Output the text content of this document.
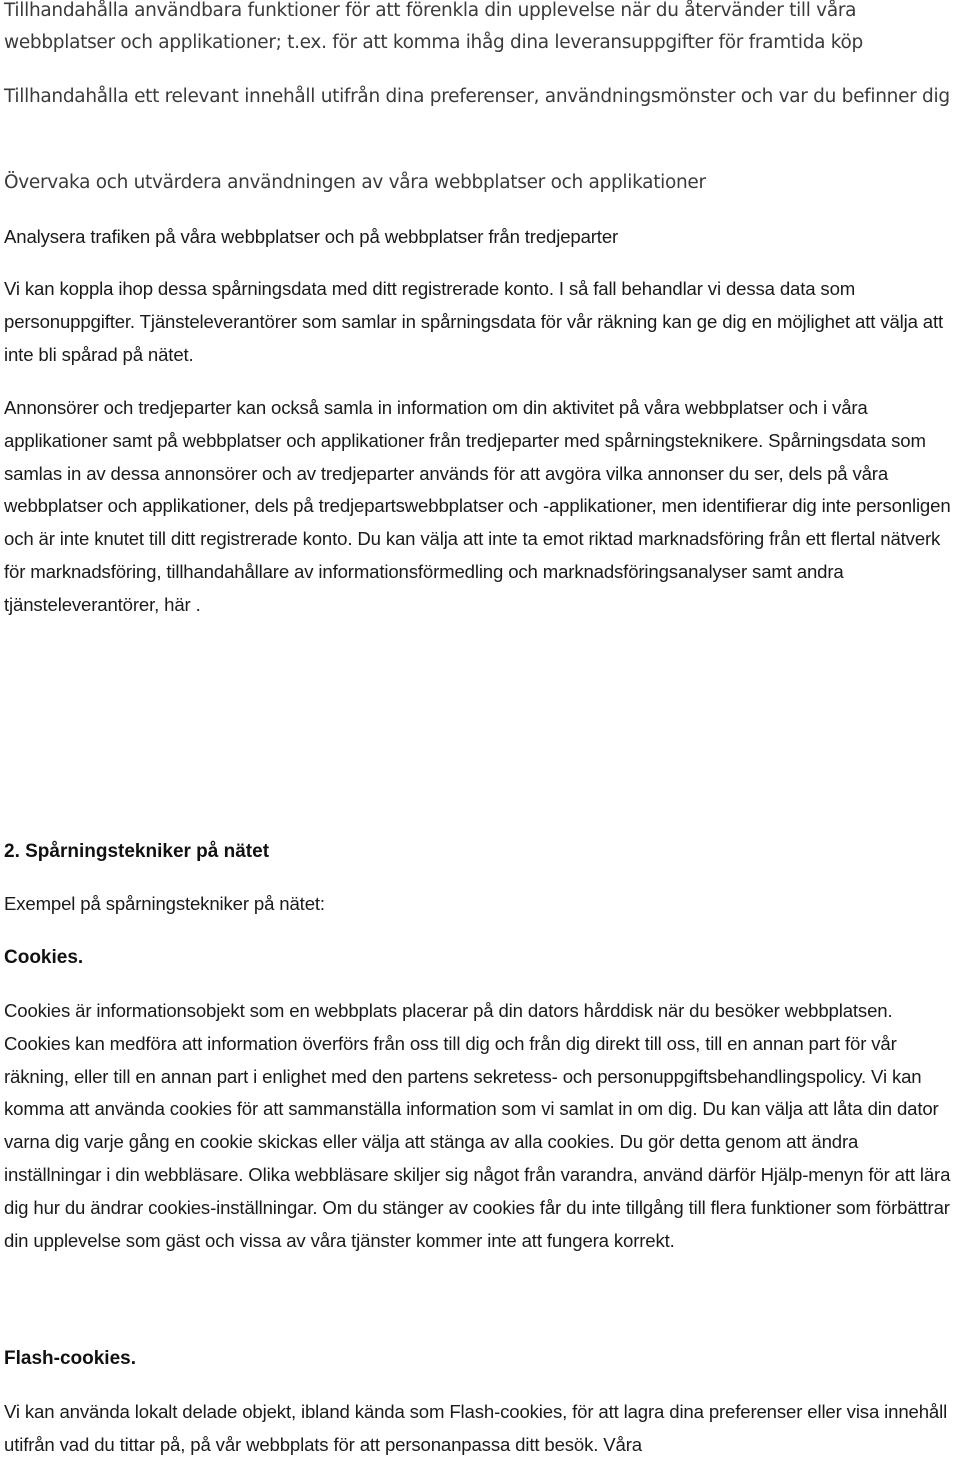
Tillhandahålla användbara funktioner för att förenkla din upplevelse när du återvänder till våra webbplatser och applikationer; t.ex. för att komma ihåg dina leveransuppgifter för framtida köp
Tillhandahålla ett relevant innehåll utifrån dina preferenser, användningsmönster och var du befinner dig
Övervaka och utvärdera användningen av våra webbplatser och applikationer
Analysera trafiken på våra webbplatser och på webbplatser från tredjeparter
Vi kan koppla ihop dessa spårningsdata med ditt registrerade konto. I så fall behandlar vi dessa data som personuppgifter. Tjänsteleverantörer som samlar in spårningsdata för vår räkning kan ge dig en möjlighet att välja att inte bli spårad på nätet.
Annonsörer och tredjeparter kan också samla in information om din aktivitet på våra webbplatser och i våra applikationer samt på webbplatser och applikationer från tredjeparter med spårningsteknikere. Spårningsdata som samlas in av dessa annonsörer och av tredjeparter används för att avgöra vilka annonser du ser, dels på våra webbplatser och applikationer, dels på tredjepartswebbplatser och -applikationer, men identifierar dig inte personligen och är inte knutet till ditt registrerade konto. Du kan välja att inte ta emot riktad marknadsföring från ett flertal nätverk för marknadsföring, tillhandahållare av informationsförmedling och marknadsföringsanalyser samt andra tjänsteleverantörer, här .
2. Spårningstekniker på nätet
Exempel på spårningstekniker på nätet:
Cookies.
Cookies är informationsobjekt som en webbplats placerar på din dators hårddisk när du besöker webbplatsen. Cookies kan medföra att information överförs från oss till dig och från dig direkt till oss, till en annan part för vår räkning, eller till en annan part i enlighet med den partens sekretess- och personuppgiftsbehandlingspolicy. Vi kan komma att använda cookies för att sammanställa information som vi samlat in om dig. Du kan välja att låta din dator varna dig varje gång en cookie skickas eller välja att stänga av alla cookies. Du gör detta genom att ändra inställningar i din webbläsare. Olika webbläsare skiljer sig något från varandra, använd därför Hjälp-menyn för att lära dig hur du ändrar cookies-inställningar. Om du stänger av cookies får du inte tillgång till flera funktioner som förbättrar din upplevelse som gäst och vissa av våra tjänster kommer inte att fungera korrekt.
Flash-cookies.
Vi kan använda lokalt delade objekt, ibland kända som Flash-cookies, för att lagra dina preferenser eller visa innehåll utifrån vad du tittar på, på vår webbplats för att personanpassa ditt besök. Våra
